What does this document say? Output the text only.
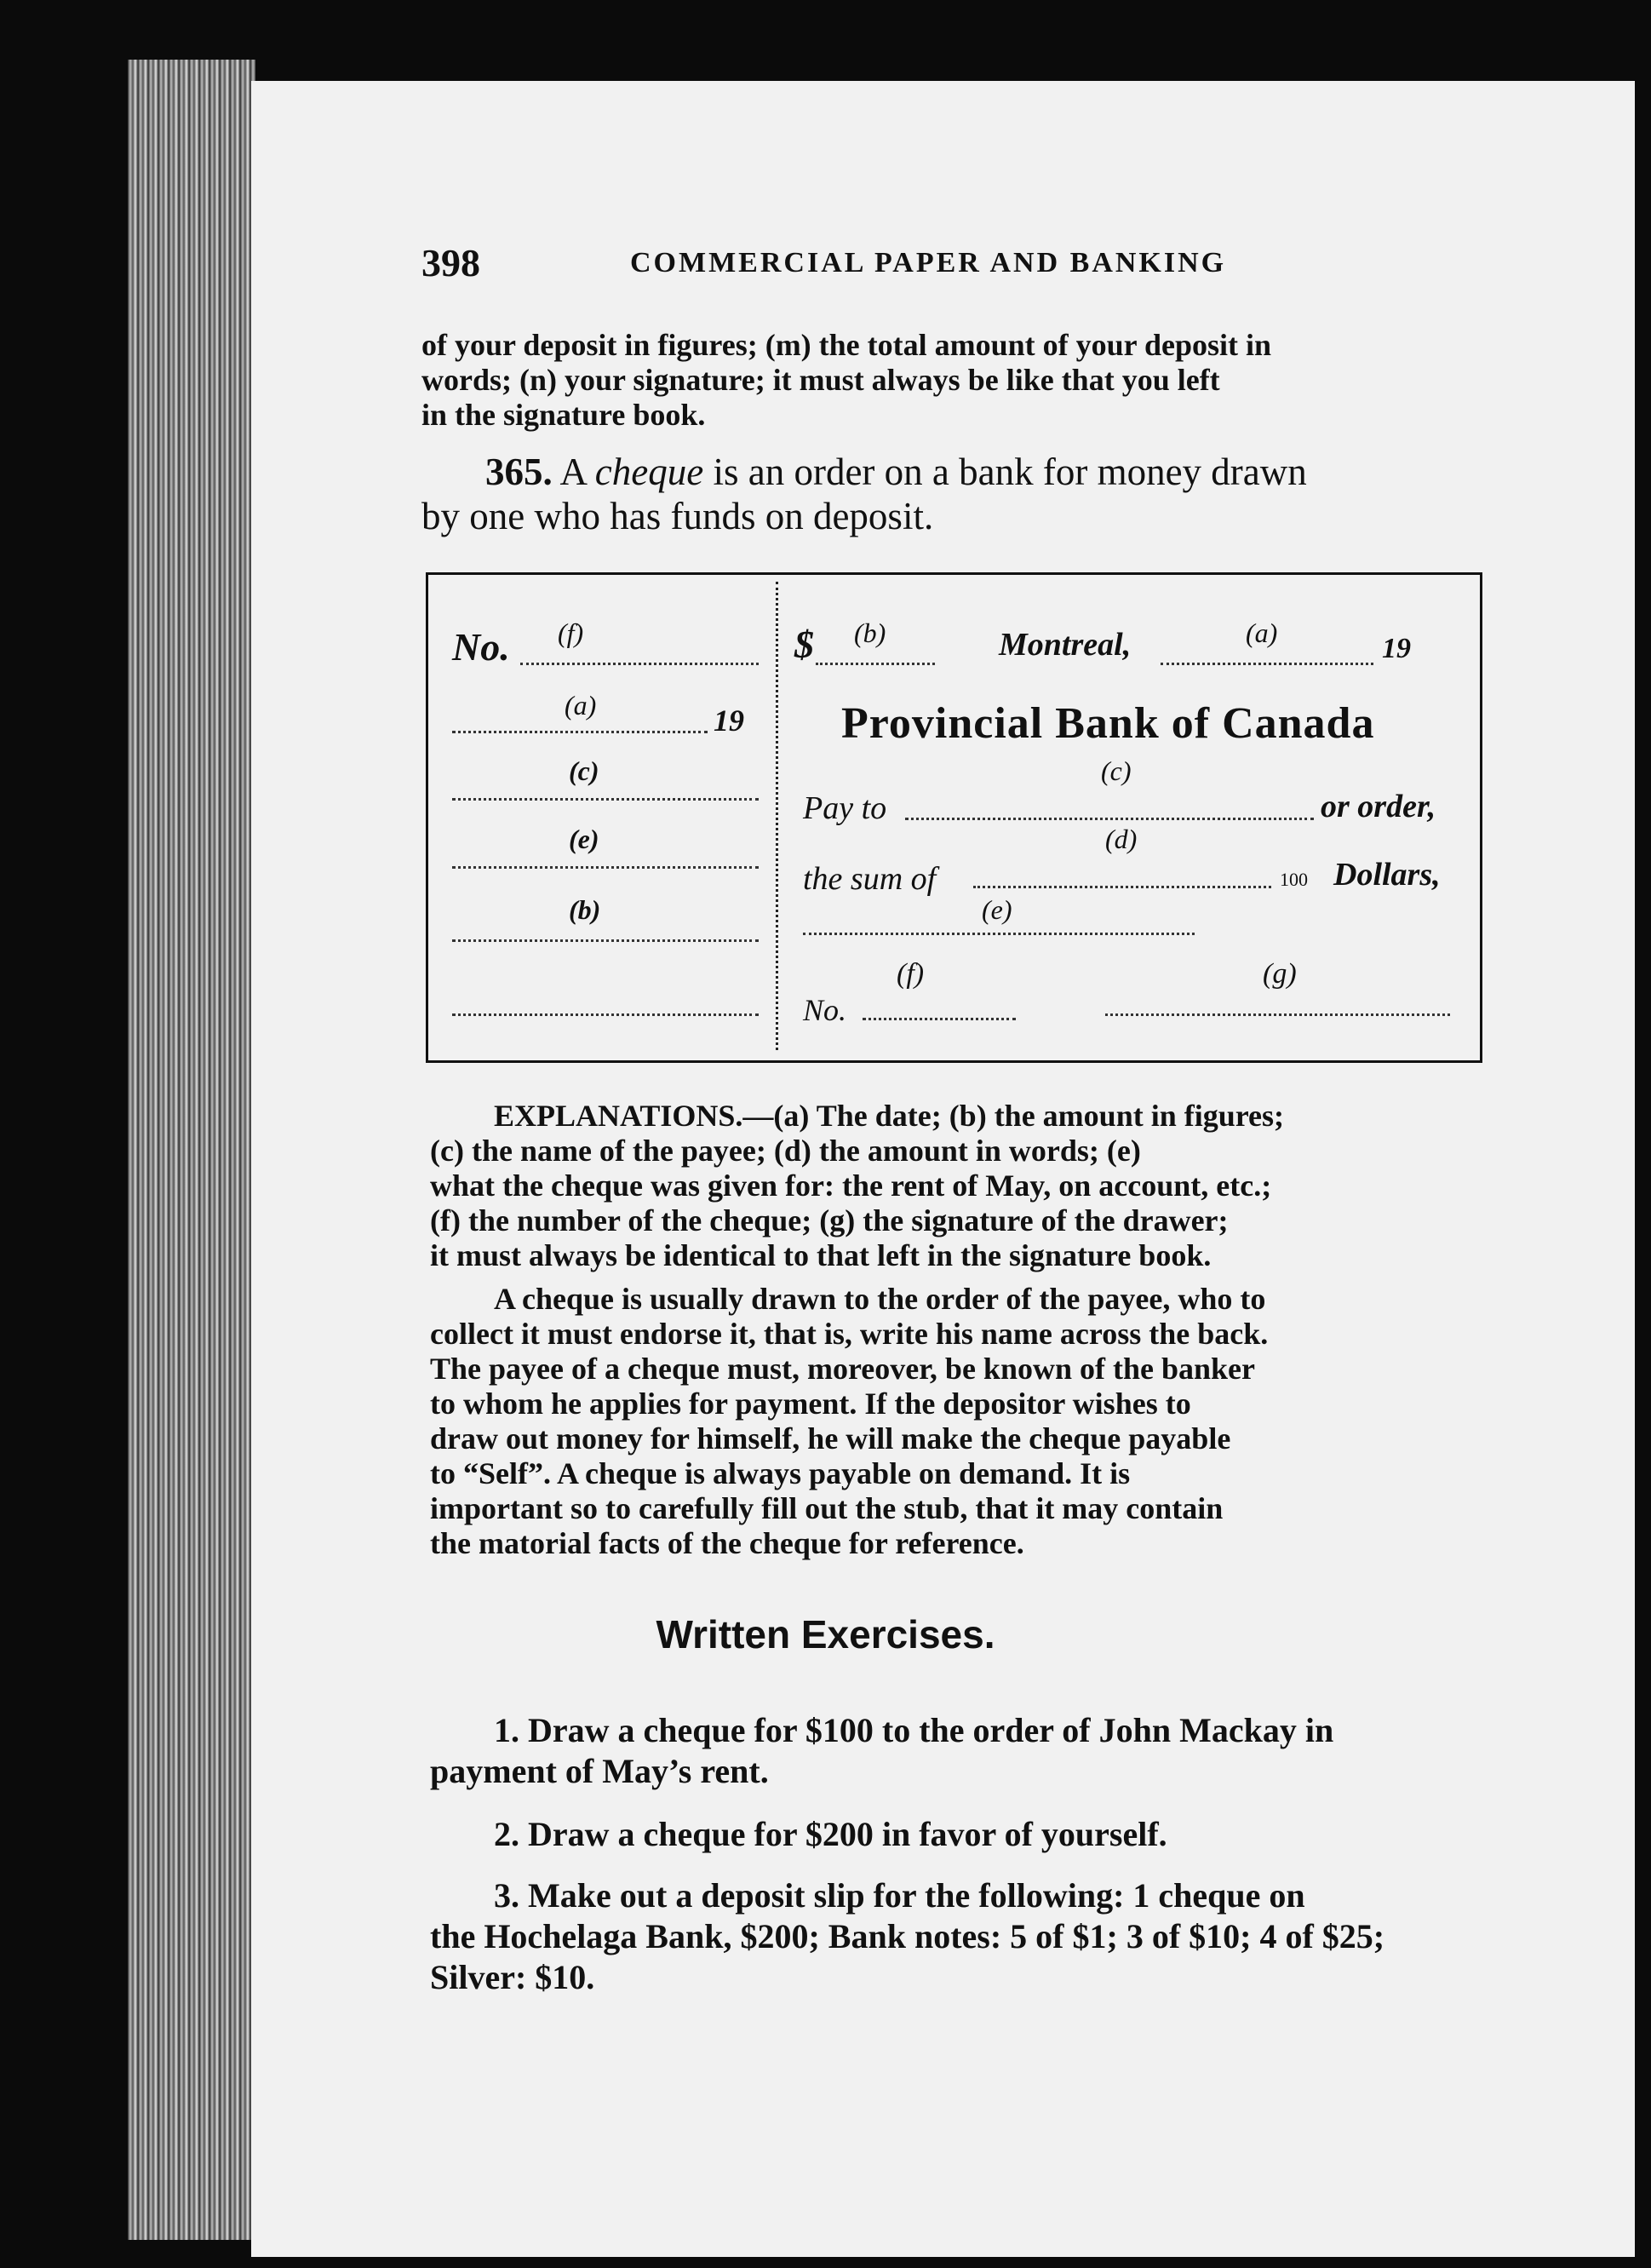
398	COMMERCIAL PAPER AND BANKING
of your deposit in figures; (m) the total amount of your deposit in
words; (n) your signature; it must always be like that you left
in the signature book.
365. A cheque is an order on a bank for money drawn
by one who has funds on deposit.
No. (f)
(a)	19
(c)
(e)
(b)
$ (b)	Montreal,	(a)	19
Provincial Bank of Canada
(c)
Pay to	or order,
(d)
the sum of	100 Dollars,
(e)
(f)	(g)
No.
EXPLANATIONS.—(a) The date; (b) the amount in figures;
(c) the name of the payee; (d) the amount in words; (e)
what the cheque was given for: the rent of May, on account, etc.;
(f) the number of the cheque; (g) the signature of the drawer;
it must always be identical to that left in the signature book.
A cheque is usually drawn to the order of the payee, who to
collect it must endorse it, that is, write his name across the back.
The payee of a cheque must, moreover, be known of the banker
to whom he applies for payment. If the depositor wishes to
draw out money for himself, he will make the cheque payable
to “Self”. A cheque is always payable on demand. It is
important so to carefully fill out the stub, that it may contain
the matorial facts of the cheque for reference.
Written Exercises.
1. Draw a cheque for $100 to the order of John Mackay in
payment of May’s rent.
2. Draw a cheque for $200 in favor of yourself.
3. Make out a deposit slip for the following: 1 cheque on
the Hochelaga Bank, $200; Bank notes: 5 of $1; 3 of $10; 4 of $25;
Silver: $10.
